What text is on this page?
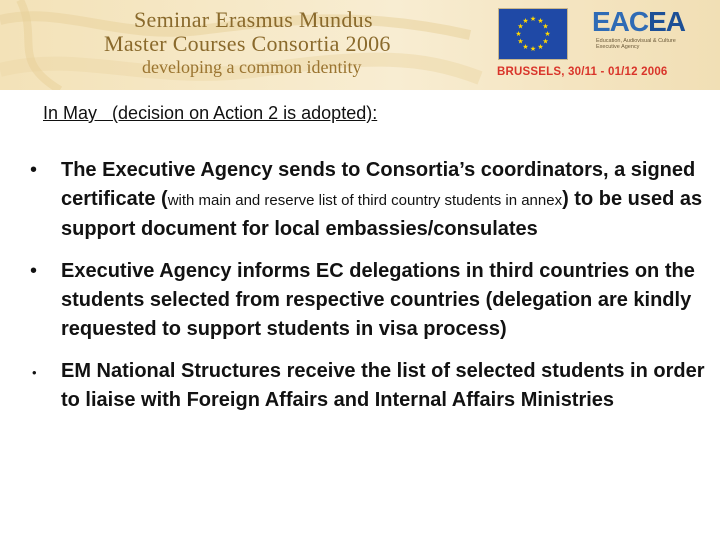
Seminar Erasmus Mundus
Master Courses Consortia 2006
developing a common identity
★ ★
★
★
★
★
★
★
★
★
★
★ EACEA
Education, Audiovisual & Culture Executive Agency
BRUSSELS, 30/11 - 01/12 2006
In May (decision on Action 2 is adopted):
• The Executive Agency sends to Consortia’s coordinators, a signed certificate (with main and reserve list of third country students in annex) to be used as support document for local embassies/consulates
• Executive Agency informs EC delegations in third countries on the students selected from respective countries (delegation are kindly requested to support students in visa process)
• EM National Structures receive the list of selected students in order to liaise with Foreign Affairs and Internal Affairs Ministries
